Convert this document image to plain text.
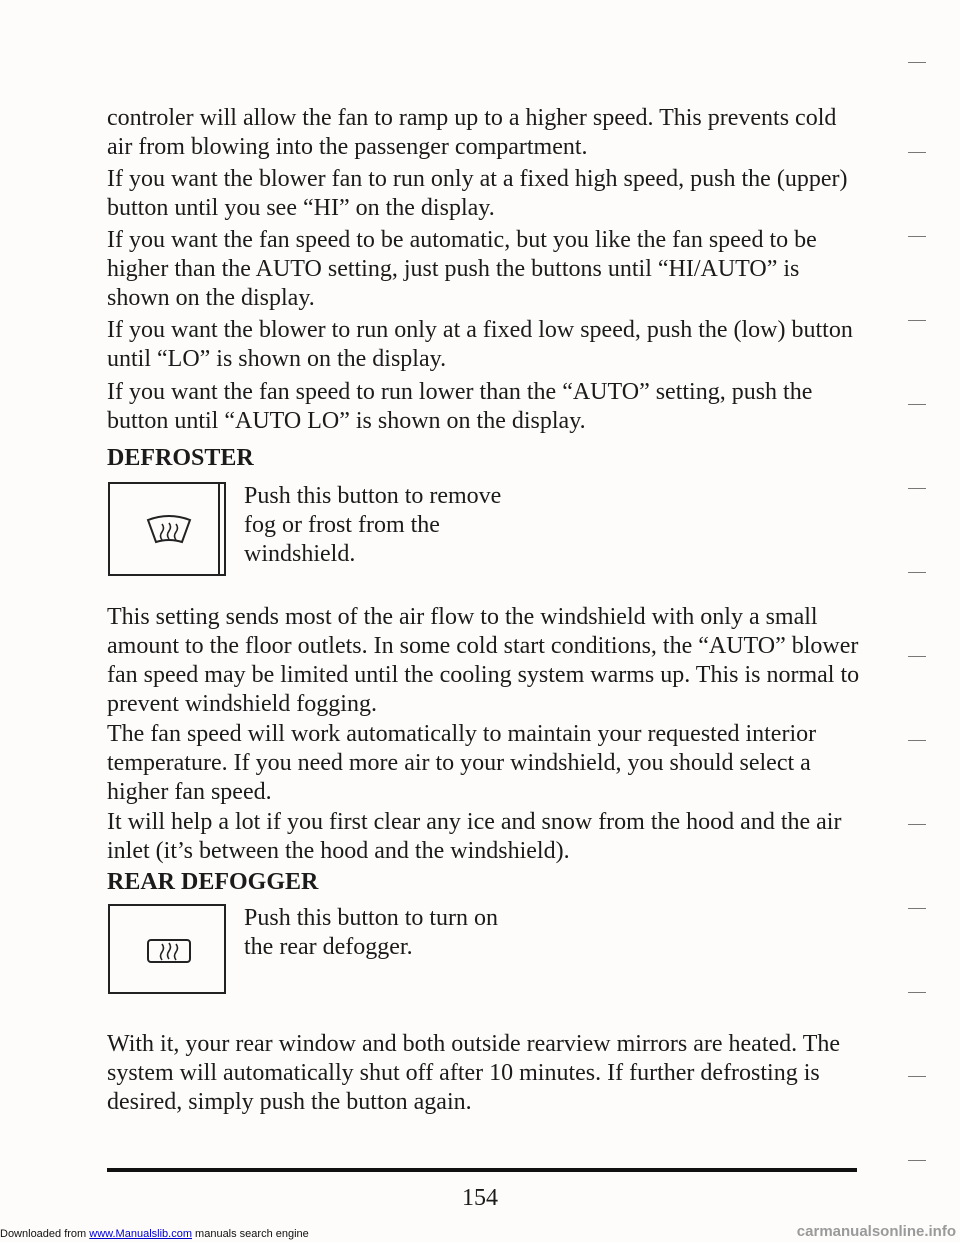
controler will allow the fan to ramp up to a higher speed. This prevents cold air from blowing into the passenger compartment.

If you want the blower fan to run only at a fixed high speed, push the (upper) button until you see “HI” on the display.

If you want the fan speed to be automatic, but you like the fan speed to be higher than the AUTO setting, just push the buttons until “HI/AUTO” is shown on the display.

If you want the blower to run only at a fixed low speed, push the (low) button until “LO” is shown on the display.

If you want the fan speed to run lower than the “AUTO” setting, push the button until “AUTO LO” is shown on the display.

DEFROSTER

Push this button to remove fog or frost from the windshield.

This setting sends most of the air flow to the windshield with only a small amount to the floor outlets. In some cold start conditions, the “AUTO” blower fan speed may be limited until the cooling system warms up. This is normal to prevent windshield fogging.

The fan speed will work automatically to maintain your requested interior temperature. If you need more air to your windshield, you should select a higher fan speed.

It will help a lot if you first clear any ice and snow from the hood and the air inlet (it’s between the hood and the windshield).

REAR DEFOGGER

Push this button to turn on the rear defogger.

With it, your rear window and both outside rearview mirrors are heated. The system will automatically shut off after 10 minutes. If further defrosting is desired, simply push the button again.

154
Downloaded from www.Manualslib.com manuals search engine	carmanualsonline.info
